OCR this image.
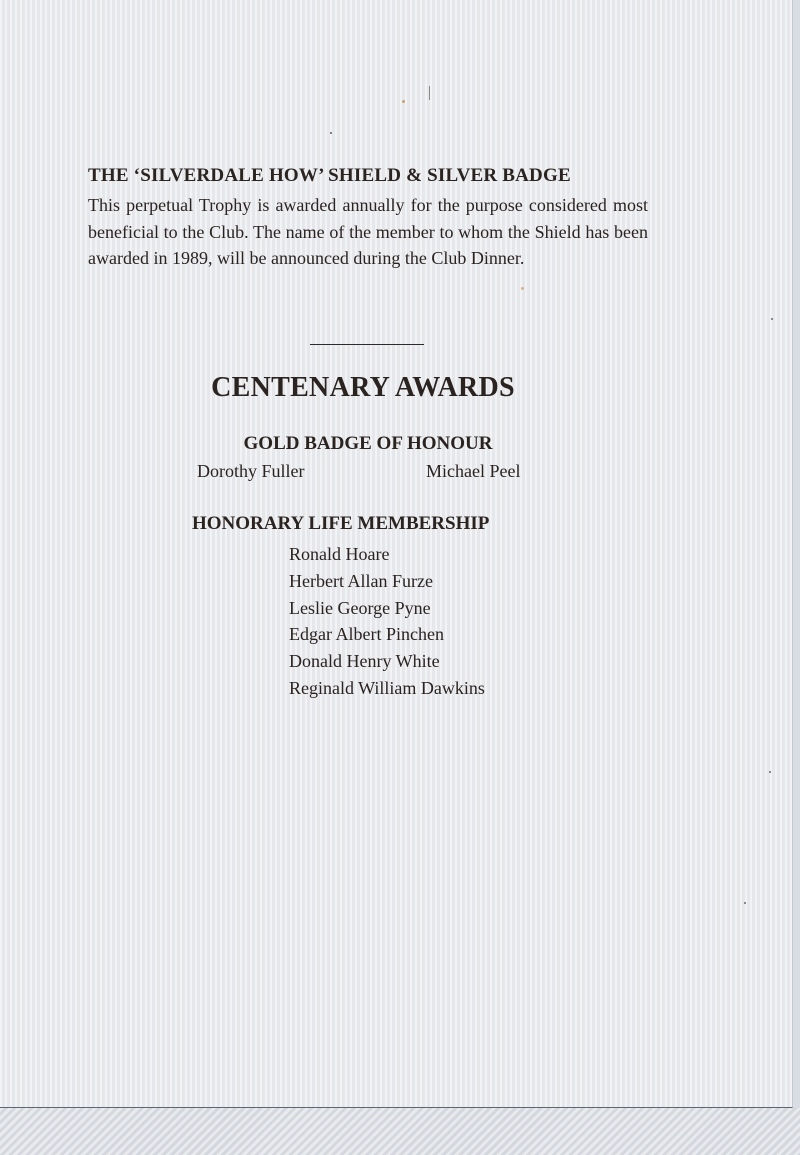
THE ‘SILVERDALE HOW’ SHIELD & SILVER BADGE

This perpetual Trophy is awarded annually for the purpose considered most beneficial to the Club. The name of the member to whom the Shield has been awarded in 1989, will be announced during the Club Dinner.

CENTENARY AWARDS
GOLD BADGE OF HONOUR
Dorothy Fuller	Michael Peel
HONORARY LIFE MEMBERSHIP
Ronald Hoare
Herbert Allan Furze
Leslie George Pyne
Edgar Albert Pinchen
Donald Henry White
Reginald William Dawkins
